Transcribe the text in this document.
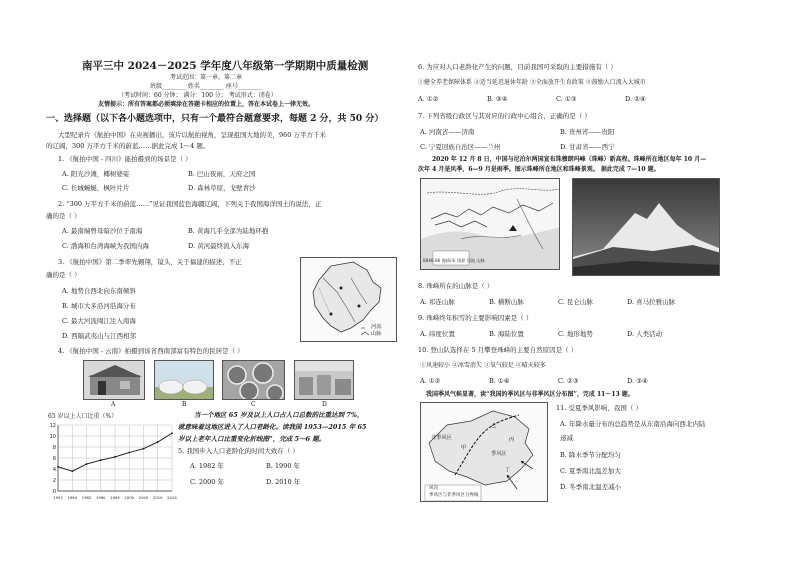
南平三中 2024－2025 学年度八年级第一学期期中质量检测
考试范围：第一章、第二章
班级________ 姓名________ 座号________
（考试时间：60 分钟； 满分：100 分； 考试形式：闭卷）
友情提示：所有答案都必须填涂在答题卡相应的位置上，答在本试卷上一律无效。
一、选择题（以下各小题选项中，只有一个最符合题意要求，每题 2 分，共 50 分）
大型纪录片《航拍中国》在央视播出，该片以航拍视角，呈现祖国大地的美，960 万平方千米
的辽阔，300 万平方千米的蔚蓝……据此完成 1～4 题。
1. 《航拍中国 - 四川》能拍摄到的场景是（ ）
A. 阳光沙滩，椰树婆娑	B. 巴山夜雨，天府之国
C. 长城蜿蜒，枫叶片片	D. 森林草原，戈壁青沙
2. “300 万平方千米的蔚蓝……”见证我国蓝色海疆辽阔，下列关于我国海洋国土的说法，正
确的是（ ）
A. 最南端曾母暗沙位于南海	B. 黄海几乎全部为陆地环抱
C. 渤海和台湾海峡为我国内海	D. 黄河最终流入东海
3. 《航拍中国》第二季率先翱翔，镜头，关于福建的描述，不正
确的是（ ）
A. 地势自西北向东南倾斜
B. 城市大多沿河沿海分布
C. 最大河流闽江注入南海
D. 西隔武夷山与江西相邻
河流
山脉
4. 《航拍中国 - 云南》拍摄到该省西南部富有特色的民居是（ ）
A	B	C	D
65 岁以上人口比重（%）
0
2
4
6
8
10
12
1953 1964 1982 1990 1995 2000 2005 2010 2015
当一个地区 65 岁及以上人口占人口总数的比重达到 7%，
就意味着这地区进入了人口老龄化。读我国 1953—2015 年 65
岁以上老年人口比重变化折线图”，完成 5～6 题。
5. 我国步入人口老龄化的时间大致在（ ）
A. 1982 年	B. 1990 年
C. 2000 年	D. 2010 年
6. 为应对人口老龄化产生的问题，目前我国可采取的主要措施有（ ）
①健全养老保障体系 ②适当延迟退休年龄 ③全面放开生育政策 ④鼓励人口流入大城市
A. ①②	B. ③④	C. ①③	D. ②④
7. 下列省级行政区与其对应的行政中心组合，正确的是（ ）
A. 河南省——济南	B. 贵州省——贵阳
C. 宁夏回族自治区——兰州	D. 甘肃省——西宁
2020 年 12 月 8 日，中国与尼泊尔两国宣布珠穆朗玛峰（珠峰）新高程。珠峰所在地区每年 10 月—
次年 4 月是风季，6—9 月是雨季。图示珠峰所在地区和珠峰景观。 据此完成 7—10 题。
8848.86 海拔/米 国界 河流 山脉
8. 珠峰所在的山脉是（ ）
A. 祁连山脉	B. 横断山脉	C. 昆仑山脉	D. 喜马拉雅山脉
9. 珠峰终年积雪的主要影响因素是（ ）
A. 纬度位置	B. 海陆位置	C. 地形地势	D. 人类活动
10. 登山队选择在 5 月攀登珠峰的主要自然原因是（ ）
①风速较小 ②冰雪消失 ③氧气较足 ④晴天较多
A. ①②	B. ①④	C. ②③	D. ③④
我国季风气候显著，读“我国的季风区与非季风区分布图”，完成 11～13 题。
非季风区
季风区
甲
乙
丙
丁
风向
季风区与非季风区分界线
11. 受夏季风影响，我国（ ）
A. 年降水量分布的总趋势是从东南沿海向西北内陆
递减
B. 降水季节分配均匀
C. 夏季南北温差加大
D. 冬季南北温差减小
